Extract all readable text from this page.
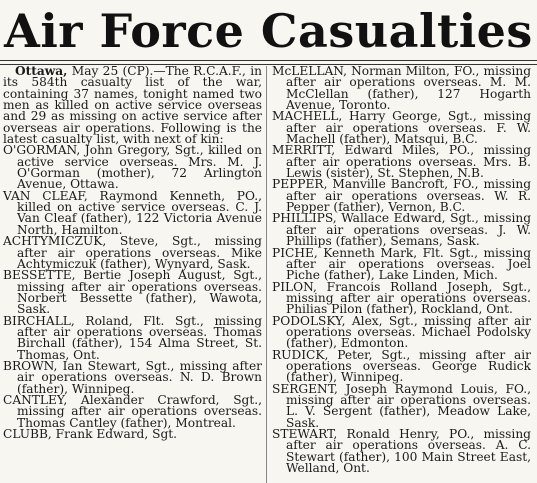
Air Force Casualties

Ottawa, May 25 (CP).—The R.C.A.F., in its 584th casualty list of the war, containing 37 names, tonight named two men as killed on active service overseas and 29 as missing on active service after overseas air operations. Following is the latest casualty list, with next of kin:

O'GORMAN, John Gregory, Sgt., killed on active service overseas. Mrs. M. J. O'Gorman (mother), 72 Arlington Avenue, Ottawa.

VAN CLEAF, Raymond Kenneth, PO., killed on active service overseas. C. J. Van Cleaf (father), 122 Victoria Avenue North, Hamilton.

ACHTYMICZUK, Steve, Sgt., missing after air operations overseas. Mike Achtymiczuk (father), Wynyard, Sask.

BESSETTE, Bertie Joseph August, Sgt., missing after air operations overseas. Norbert Bessette (father), Wawota, Sask.

BIRCHALL, Roland, Flt. Sgt., missing after air operations overseas. Thomas Birchall (father), 154 Alma Street, St. Thomas, Ont.

BROWN, Ian Stewart, Sgt., missing after air operations overseas. N. D. Brown (father), Winnipeg.

CANTLEY, Alexander Crawford, Sgt., missing after air operations overseas. Thomas Cantley (father), Montreal.

CLUBB, Frank Edward, Sgt.

McLELLAN, Norman Milton, FO., missing after air operations overseas. M. M. McClellan (father), 127 Hogarth Avenue, Toronto.

MACHELL, Harry George, Sgt., missing after air operations overseas. F. W. Machell (father), Matsqui, B.C.

MERRITT, Edward Miles, PO., missing after air operations overseas. Mrs. B. Lewis (sister), St. Stephen, N.B.

PEPPER, Manville Bancroft, FO., missing after air operations overseas. W. R. Pepper (father), Vernon, B.C.

PHILLIPS, Wallace Edward, Sgt., missing after air operations overseas. J. W. Phillips (father), Semans, Sask.

PICHE, Kenneth Mark, Flt. Sgt., missing after air operations overseas. Joel Piche (father), Lake Linden, Mich.

PILON, Francois Rolland Joseph, Sgt., missing after air operations overseas. Philias Pilon (father), Rockland, Ont.

PODOLSKY, Alex, Sgt., missing after air operations overseas. Michael Podolsky (father), Edmonton.

RUDICK, Peter, Sgt., missing after air operations overseas. George Rudick (father), Winnipeg.

SERGENT, Joseph Raymond Louis, FO., missing after air operations overseas. L. V. Sergent (father), Meadow Lake, Sask.

STEWART, Ronald Henry, PO., missing after air operations overseas. A. C. Stewart (father), 100 Main Street East, Welland, Ont.
